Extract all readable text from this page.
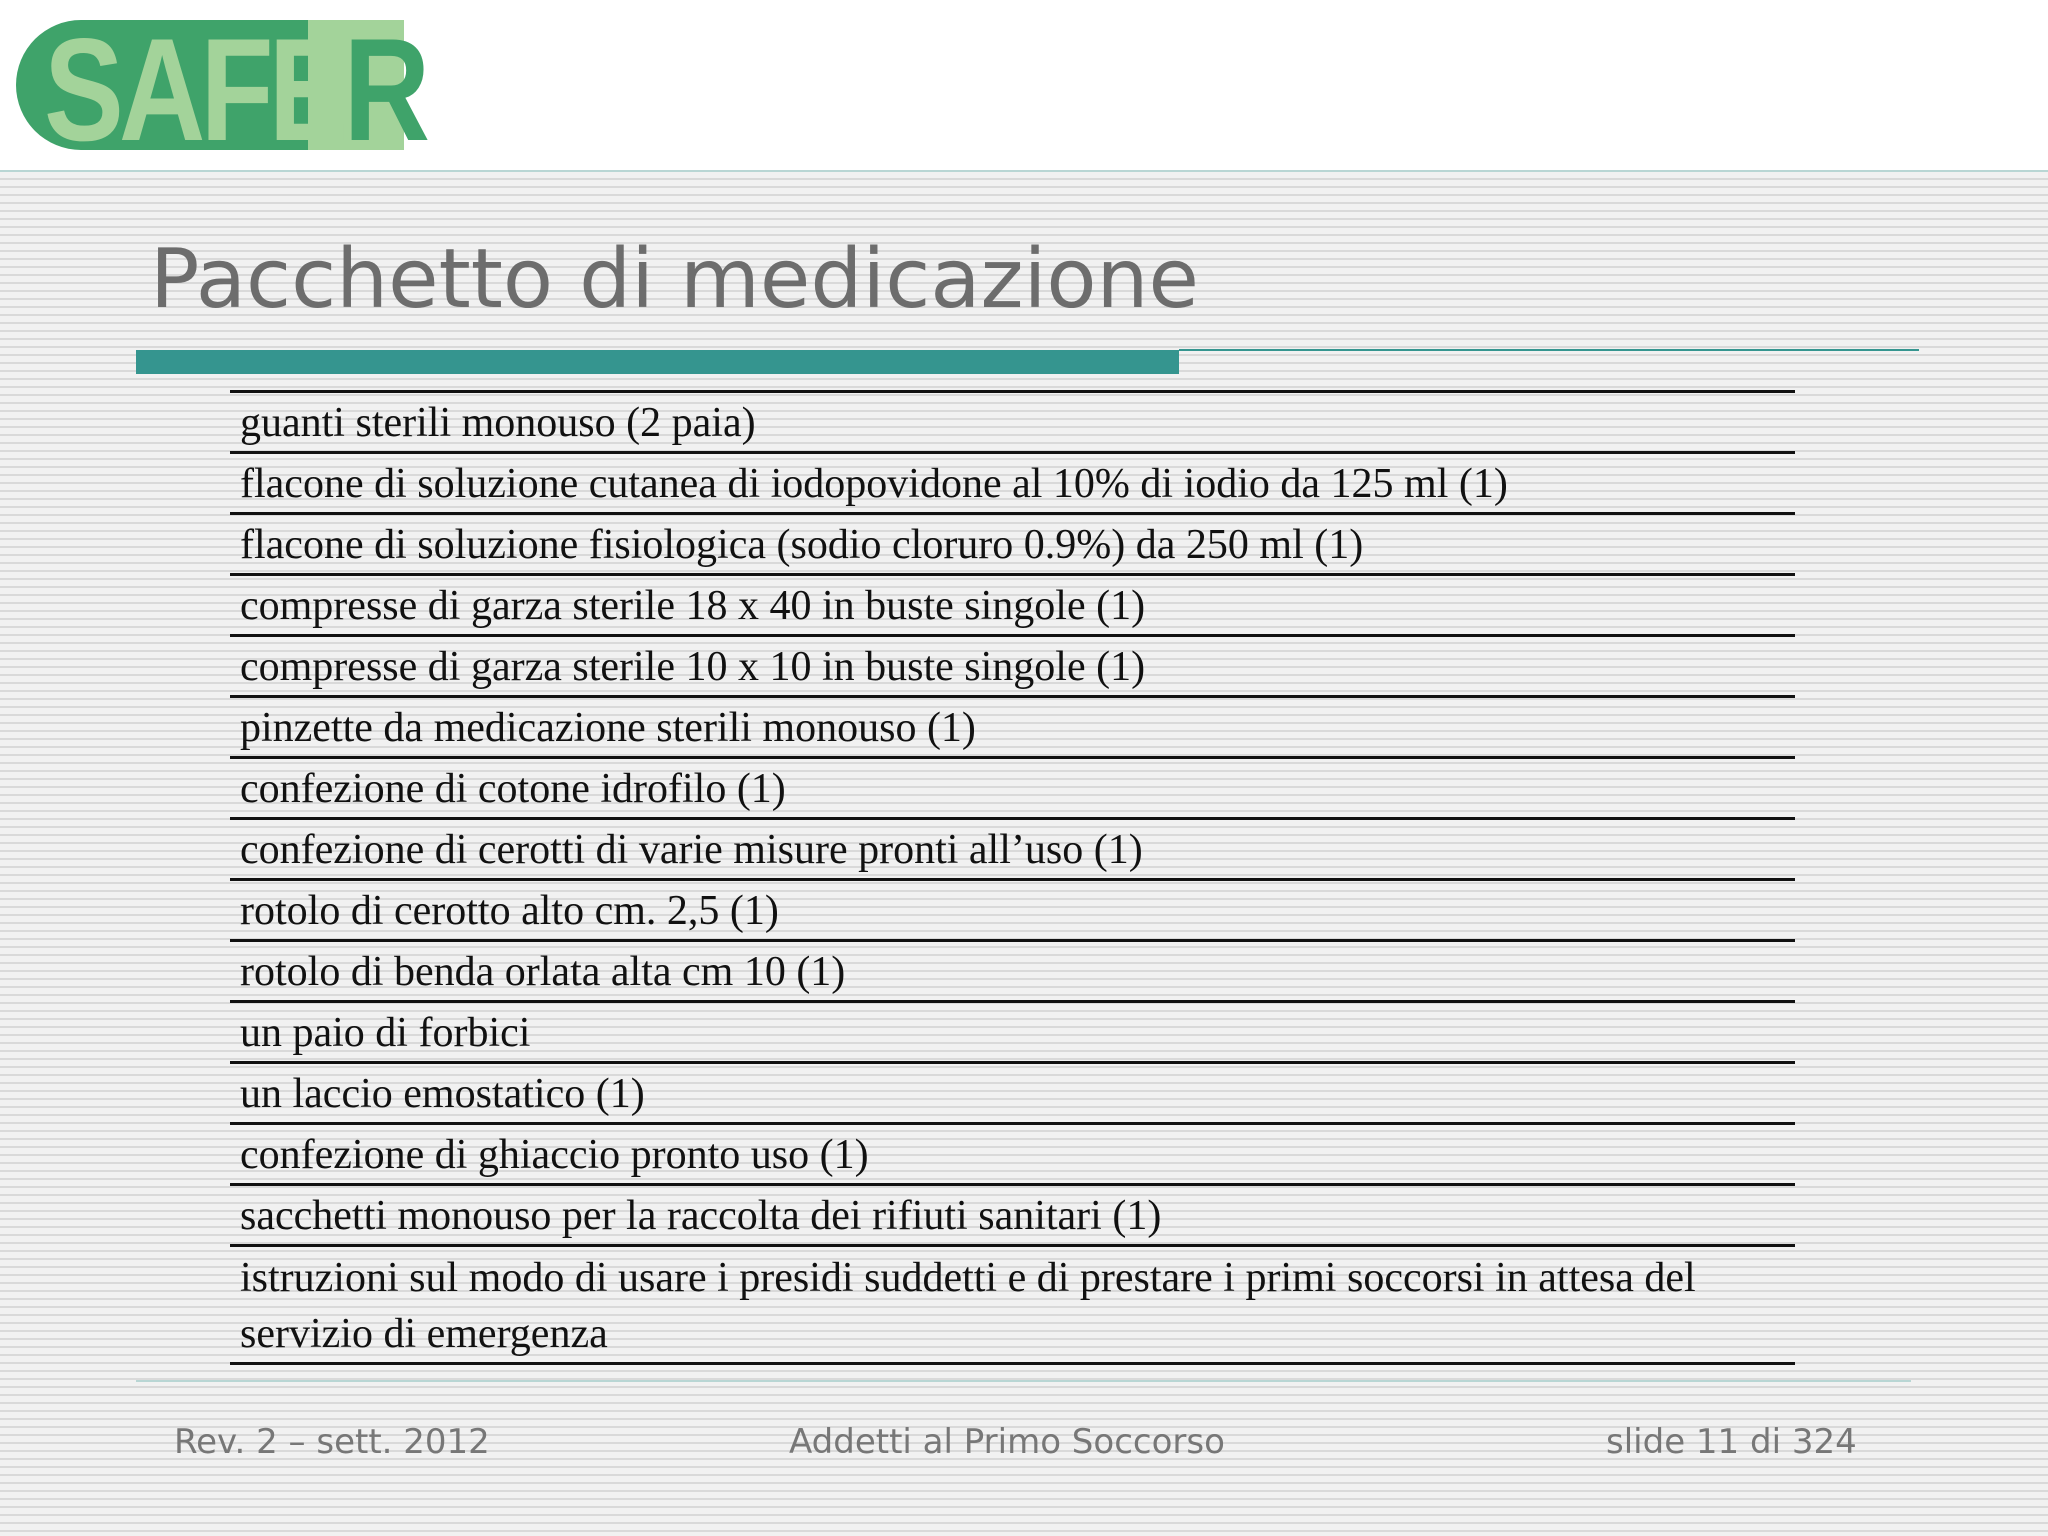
SAFER
Pacchetto di medicazione
guanti sterili monouso (2 paia)
flacone di soluzione cutanea di iodopovidone al 10% di iodio da 125 ml (1)
flacone di soluzione fisiologica (sodio cloruro 0.9%) da 250 ml (1)
compresse di garza sterile 18 x 40 in buste singole (1)
compresse di garza sterile 10 x 10 in buste singole (1)
pinzette da medicazione sterili monouso (1)
confezione di cotone idrofilo (1)
confezione di cerotti di varie misure pronti all’uso (1)
rotolo di cerotto alto cm. 2,5 (1)
rotolo di benda orlata alta cm 10 (1)
un paio di forbici
un laccio emostatico (1)
confezione di ghiaccio pronto uso (1)
sacchetti monouso per la raccolta dei rifiuti sanitari (1)
istruzioni sul modo di usare i presidi suddetti e di prestare i primi soccorsi in attesa del servizio di emergenza
Rev. 2 – sett. 2012	Addetti al Primo Soccorso	slide 11 di 324
